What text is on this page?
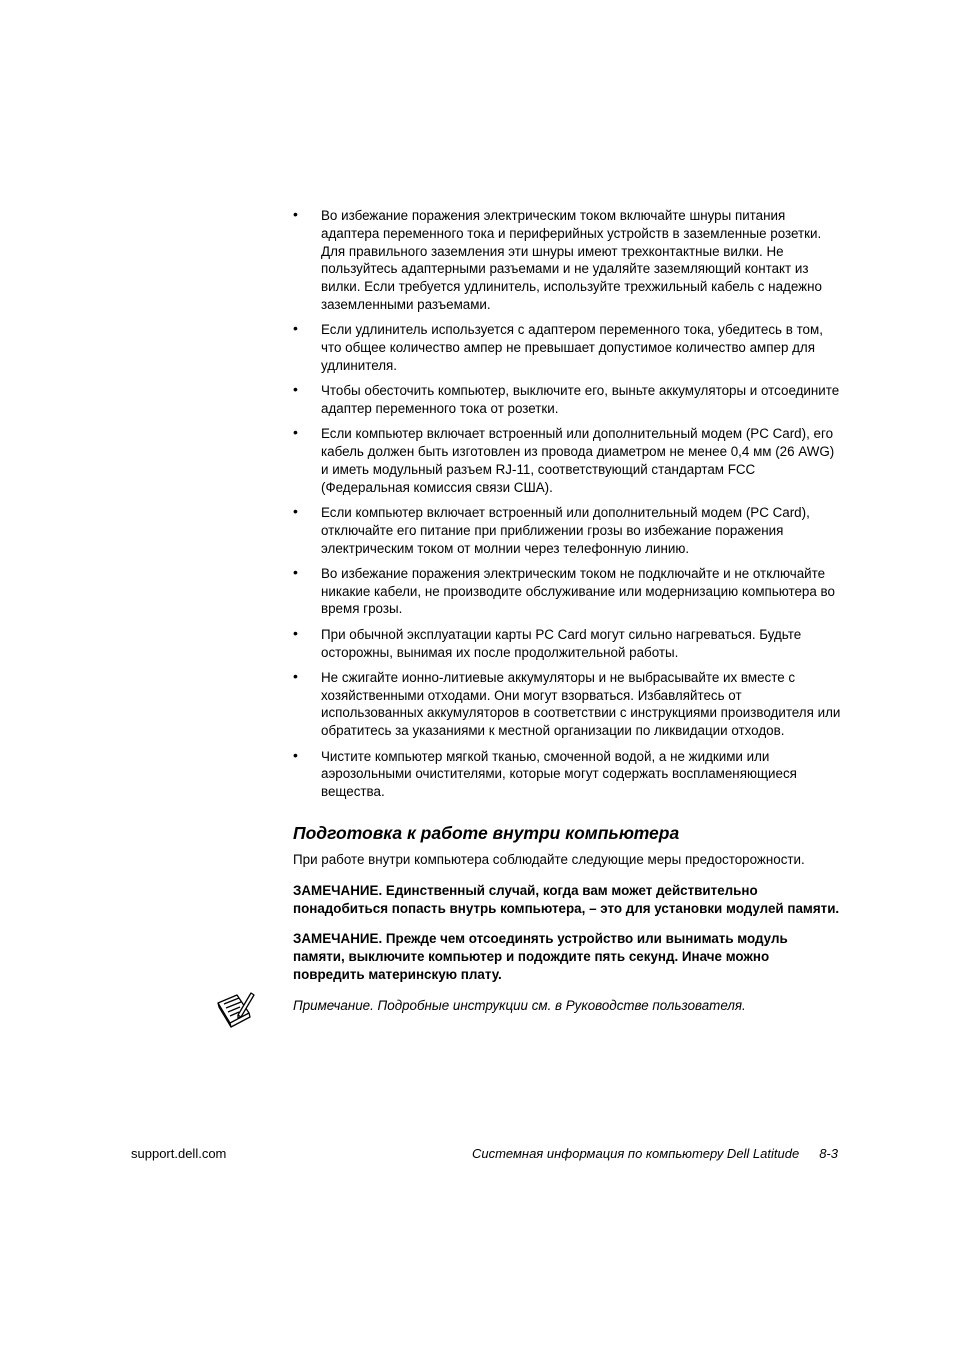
• Во избежание поражения электрическим током включайте шнуры питания адаптера переменного тока и периферийных устройств в заземленные розетки. Для правильного заземления эти шнуры имеют трехконтактные вилки. Не пользуйтесь адаптерными разъемами и не удаляйте заземляющий контакт из вилки. Если требуется удлинитель, используйте трехжильный кабель с надежно заземленными разъемами.
• Если удлинитель используется с адаптером переменного тока, убедитесь в том, что общее количество ампер не превышает допустимое количество ампер для удлинителя.
• Чтобы обесточить компьютер, выключите его, выньте аккумуляторы и отсоедините адаптер переменного тока от розетки.
• Если компьютер включает встроенный или дополнительный модем (PC Card), его кабель должен быть изготовлен из провода диаметром не менее 0,4 мм (26 AWG) и иметь модульный разъем RJ-11, соответствующий стандартам FCC (Федеральная комиссия связи США).
• Если компьютер включает встроенный или дополнительный модем (PC Card), отключайте его питание при приближении грозы во избежание поражения электрическим током от молнии через телефонную линию.
• Во избежание поражения электрическим током не подключайте и не отключайте никакие кабели, не производите обслуживание или модернизацию компьютера во время грозы.
• При обычной эксплуатации карты PC Card могут сильно нагреваться. Будьте осторожны, вынимая их после продолжительной работы.
• Не сжигайте ионно-литиевые аккумуляторы и не выбрасывайте их вместе с хозяйственными отходами. Они могут взорваться. Избавляйтесь от использованных аккумуляторов в соответствии с инструкциями производителя или обратитесь за указаниями к местной организации по ликвидации отходов.
• Чистите компьютер мягкой тканью, смоченной водой, а не жидкими или аэрозольными очистителями, которые могут содержать воспламеняющиеся вещества.
Подготовка к работе внутри компьютера

При работе внутри компьютера соблюдайте следующие меры предосторожности.

ЗАМЕЧАНИЕ. Единственный случай, когда вам может действительно понадобиться попасть внутрь компьютера, – это для установки модулей памяти.

ЗАМЕЧАНИЕ. Прежде чем отсоединять устройство или вынимать модуль памяти, выключите компьютер и подождите пять секунд. Иначе можно повредить материнскую плату.

Примечание. Подробные инструкции см. в Руководстве пользователя.
support.dell.com	Системная информация по компьютеру Dell Latitude 8-3
